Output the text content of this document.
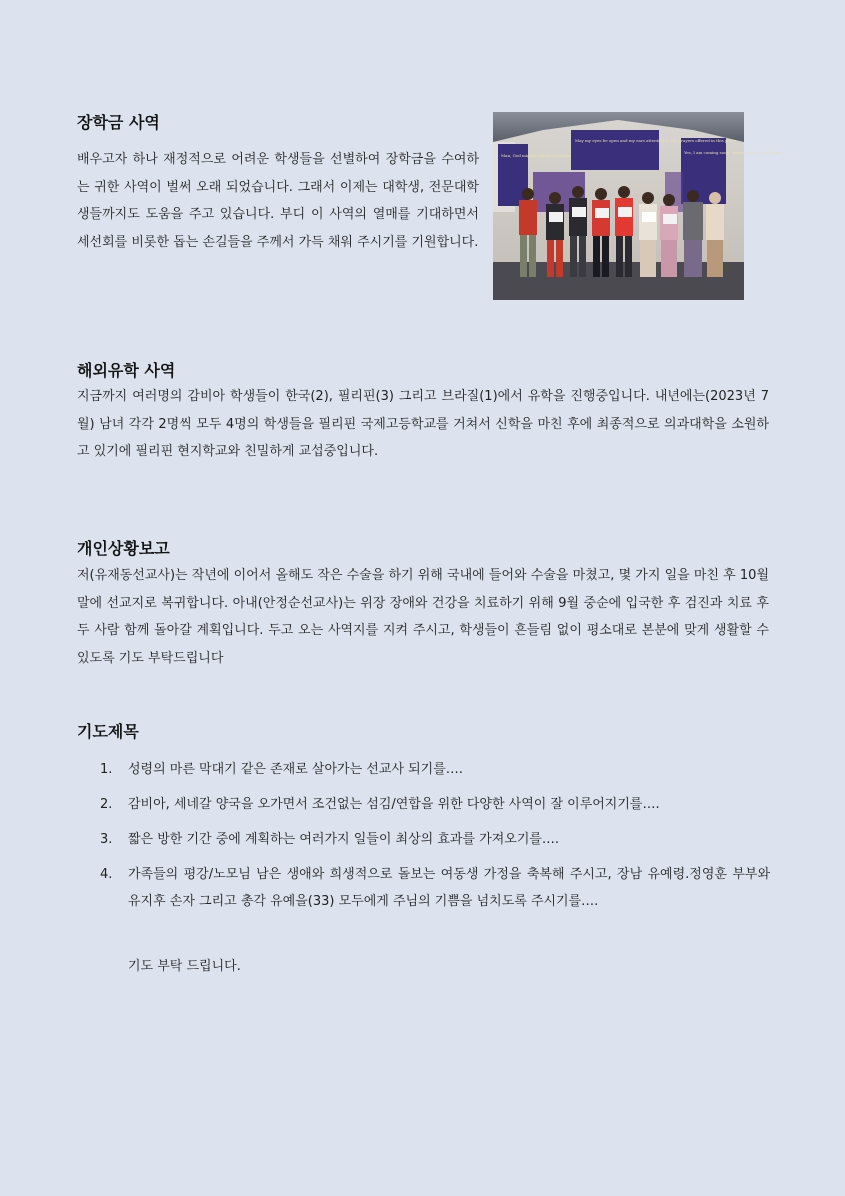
장학금 사역

배우고자 하나 재정적으로 어려운 학생들을 선별하여 장학금을 수여하는 귀한 사역이 벌써 오래 되었습니다. 그래서 이제는 대학생, 전문대학생들까지도 도움을 주고 있습니다. 부디 이 사역의 열매를 기대하면서 세선회를 비롯한 돕는 손길들을 주께서 가득 채워 주시기를 기원합니다.

Man, God mighty, before Meander
May my eyes be open and my ears attentive to the prayers offered in this place
Yes, I am coming soon. Amen. Come, Lord Jesus.
해외유학 사역

지금까지 여러명의 감비아 학생들이 한국(2), 필리핀(3) 그리고 브라질(1)에서 유학을 진행중입니다. 내년에는(2023년 7월) 남녀 각각 2명씩 모두 4명의 학생들을 필리핀 국제고등학교를 거쳐서 신학을 마친 후에 최종적으로 의과대학을 소원하고 있기에 필리핀 현지학교와 친밀하게 교섭중입니다.

개인상황보고

저(유재동선교사)는 작년에 이어서 올해도 작은 수술을 하기 위해 국내에 들어와 수술을 마쳤고, 몇 가지 일을 마친 후 10월 말에 선교지로 복귀합니다. 아내(안정순선교사)는 위장 장애와 건강을 치료하기 위해 9월 중순에 입국한 후 검진과 치료 후 두 사람 함께 돌아갈 계획입니다. 두고 오는 사역지를 지켜 주시고, 학생들이 흔들림 없이 평소대로 본분에 맞게 생활할 수 있도록 기도 부탁드립니다

기도제목
1.	성령의 마른 막대기 같은 존재로 살아가는 선교사 되기를….
2.	감비아, 세네갈 양국을 오가면서 조건없는 섬김/연합을 위한 다양한 사역이 잘 이루어지기를….
3.	짧은 방한 기간 중에 계획하는 여러가지 일들이 최상의 효과를 가져오기를….
4.	가족들의 평강/노모님 남은 생애와 희생적으로 돌보는 여동생 가정을 축복해 주시고, 장남 유예령.정영훈 부부와 유지후 손자 그리고 총각 유예을(33) 모두에게 주님의 기쁨을 넘치도록 주시기를….

기도 부탁 드립니다.
